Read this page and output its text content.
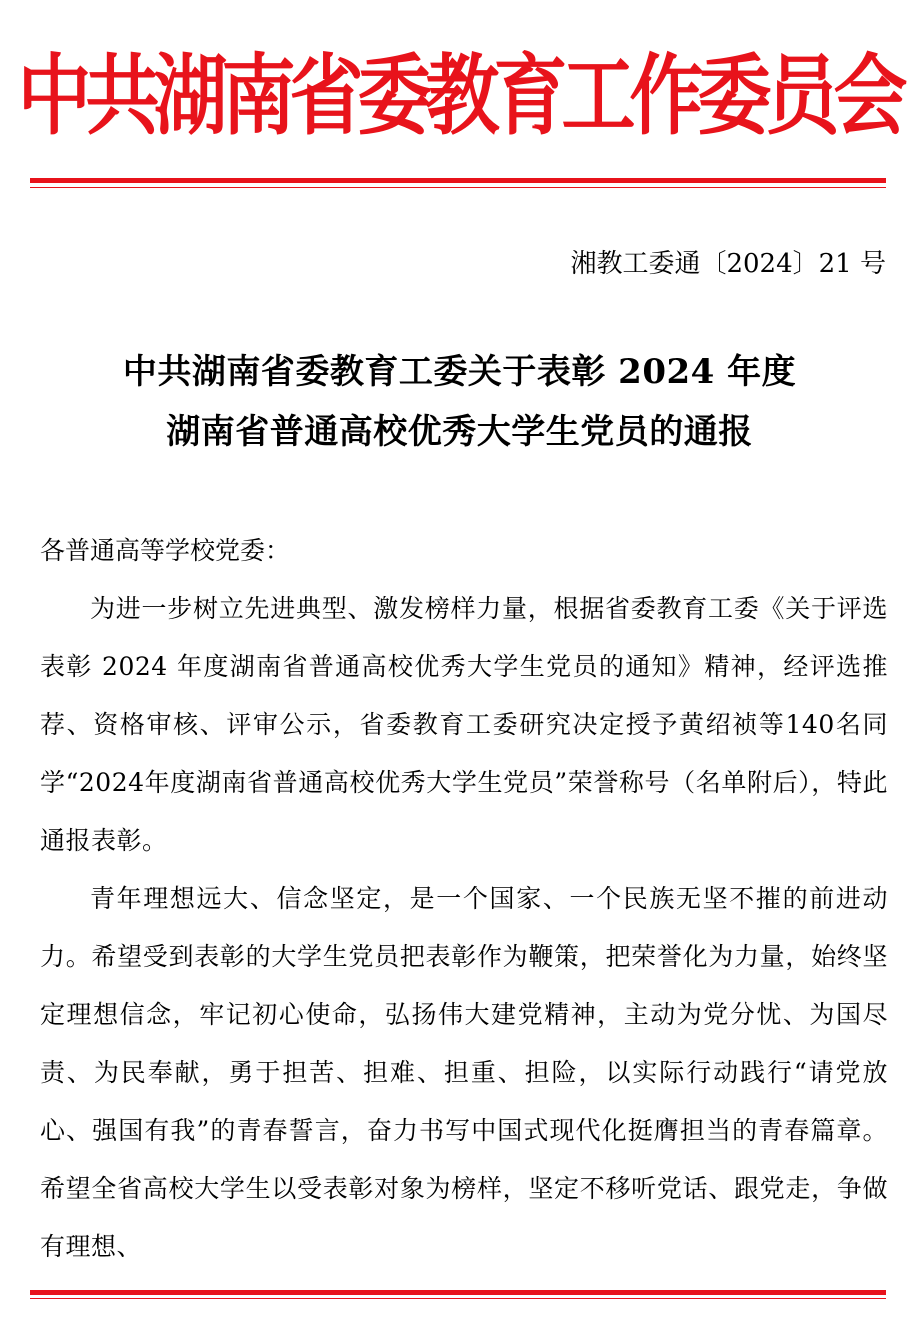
中共湖南省委教育工作委员会
湘教工委通〔2024〕21 号
中共湖南省委教育工委关于表彰 2024 年度
湖南省普通高校优秀大学生党员的通报

各普通高等学校党委：

为进一步树立先进典型、激发榜样力量，根据省委教育工委《关于评选表彰 2024 年度湖南省普通高校优秀大学生党员的通知》精神，经评选推荐、资格审核、评审公示，省委教育工委研究决定授予黄绍祯等140名同学“2024年度湖南省普通高校优秀大学生党员”荣誉称号（名单附后），特此通报表彰。

青年理想远大、信念坚定，是一个国家、一个民族无坚不摧的前进动力。希望受到表彰的大学生党员把表彰作为鞭策，把荣誉化为力量，始终坚定理想信念，牢记初心使命，弘扬伟大建党精神，主动为党分忧、为国尽责、为民奉献，勇于担苦、担难、担重、担险，以实际行动践行“请党放心、强国有我”的青春誓言，奋力书写中国式现代化挺膺担当的青春篇章。希望全省高校大学生以受表彰对象为榜样，坚定不移听党话、跟党走，争做有理想、
